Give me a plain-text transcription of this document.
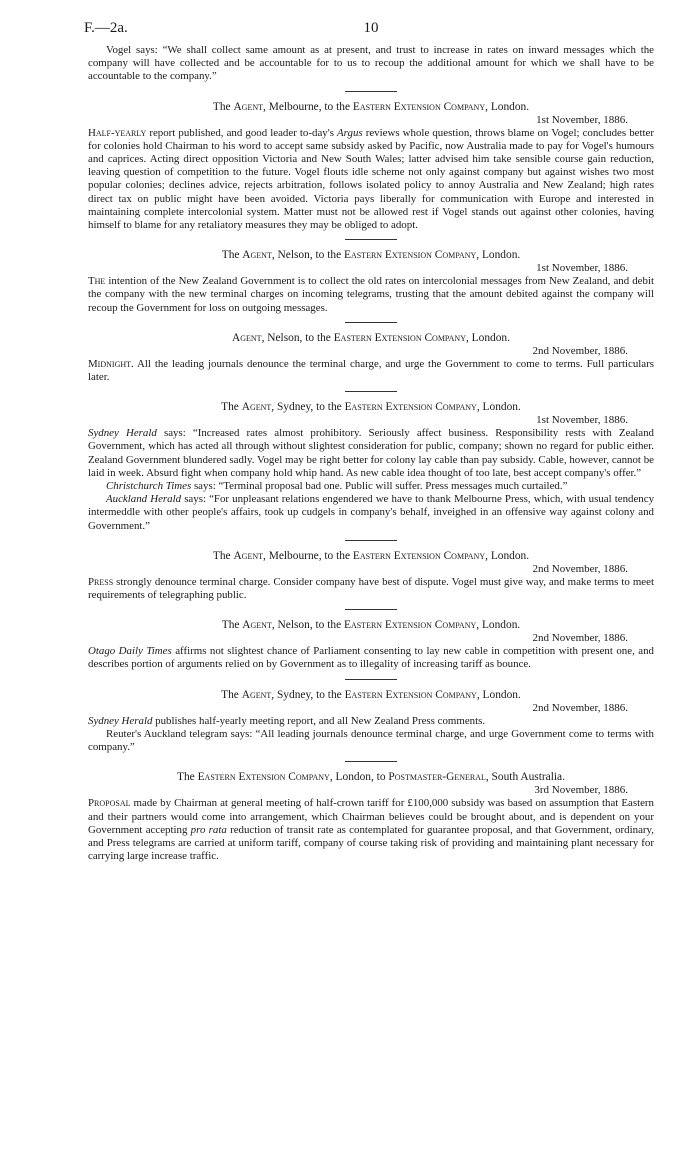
F.—2a.	10

Vogel says: “We shall collect same amount as at present, and trust to increase in rates on inward messages which the company will have collected and be accountable for to us to recoup the additional amount for which we shall have to be accountable to the company.”

The Agent, Melbourne, to the Eastern Extension Company, London.
1st November, 1886.

Half-yearly report published, and good leader to-day's Argus reviews whole question, throws blame on Vogel; concludes better for colonies hold Chairman to his word to accept same subsidy asked by Pacific, now Australia made to pay for Vogel's humours and caprices. Acting direct opposition Victoria and New South Wales; latter advised him take sensible course gain reduction, leaving question of competition to the future. Vogel flouts idle scheme not only against company but against wishes two most popular colonies; declines advice, rejects arbitration, follows isolated policy to annoy Australia and New Zealand; high rates direct tax on public might have been avoided. Victoria pays liberally for communication with Europe and interested in maintaining complete intercolonial system. Matter must not be allowed rest if Vogel stands out against other colonies, having himself to blame for any retaliatory measures they may be obliged to adopt.

The Agent, Nelson, to the Eastern Extension Company, London.
1st November, 1886.

The intention of the New Zealand Government is to collect the old rates on intercolonial messages from New Zealand, and debit the company with the new terminal charges on incoming telegrams, trusting that the amount debited against the company will recoup the Government for loss on outgoing messages.

Agent, Nelson, to the Eastern Extension Company, London.
2nd November, 1886.

Midnight. All the leading journals denounce the terminal charge, and urge the Government to come to terms. Full particulars later.

The Agent, Sydney, to the Eastern Extension Company, London.
1st November, 1886.

Sydney Herald says: “Increased rates almost prohibitory. Seriously affect business. Responsibility rests with Zealand Government, which has acted all through without slightest consideration for public, company; shown no regard for public either. Zealand Government blundered sadly. Vogel may be right better for colony lay cable than pay subsidy. Cable, however, cannot be laid in week. Absurd fight when company hold whip hand. As new cable idea thought of too late, best accept company's offer.”

Christchurch Times says: “Terminal proposal bad one. Public will suffer. Press messages much curtailed.”

Auckland Herald says: “For unpleasant relations engendered we have to thank Melbourne Press, which, with usual tendency intermeddle with other people's affairs, took up cudgels in company's behalf, inveighed in an offensive way against colony and Government.”

The Agent, Melbourne, to the Eastern Extension Company, London.
2nd November, 1886.

Press strongly denounce terminal charge. Consider company have best of dispute. Vogel must give way, and make terms to meet requirements of telegraphing public.

The Agent, Nelson, to the Eastern Extension Company, London.
2nd November, 1886.

Otago Daily Times affirms not slightest chance of Parliament consenting to lay new cable in competition with present one, and describes portion of arguments relied on by Government as to illegality of increasing tariff as bounce.

The Agent, Sydney, to the Eastern Extension Company, London.
2nd November, 1886.

Sydney Herald publishes half-yearly meeting report, and all New Zealand Press comments.

Reuter's Auckland telegram says: “All leading journals denounce terminal charge, and urge Government come to terms with company.”

The Eastern Extension Company, London, to Postmaster-General, South Australia.
3rd November, 1886.

Proposal made by Chairman at general meeting of half-crown tariff for £100,000 subsidy was based on assumption that Eastern and their partners would come into arrangement, which Chairman believes could be brought about, and is dependent on your Government accepting pro rata reduction of transit rate as contemplated for guarantee proposal, and that Government, ordinary, and Press telegrams are carried at uniform tariff, company of course taking risk of providing and maintaining plant necessary for carrying large increase traffic.
